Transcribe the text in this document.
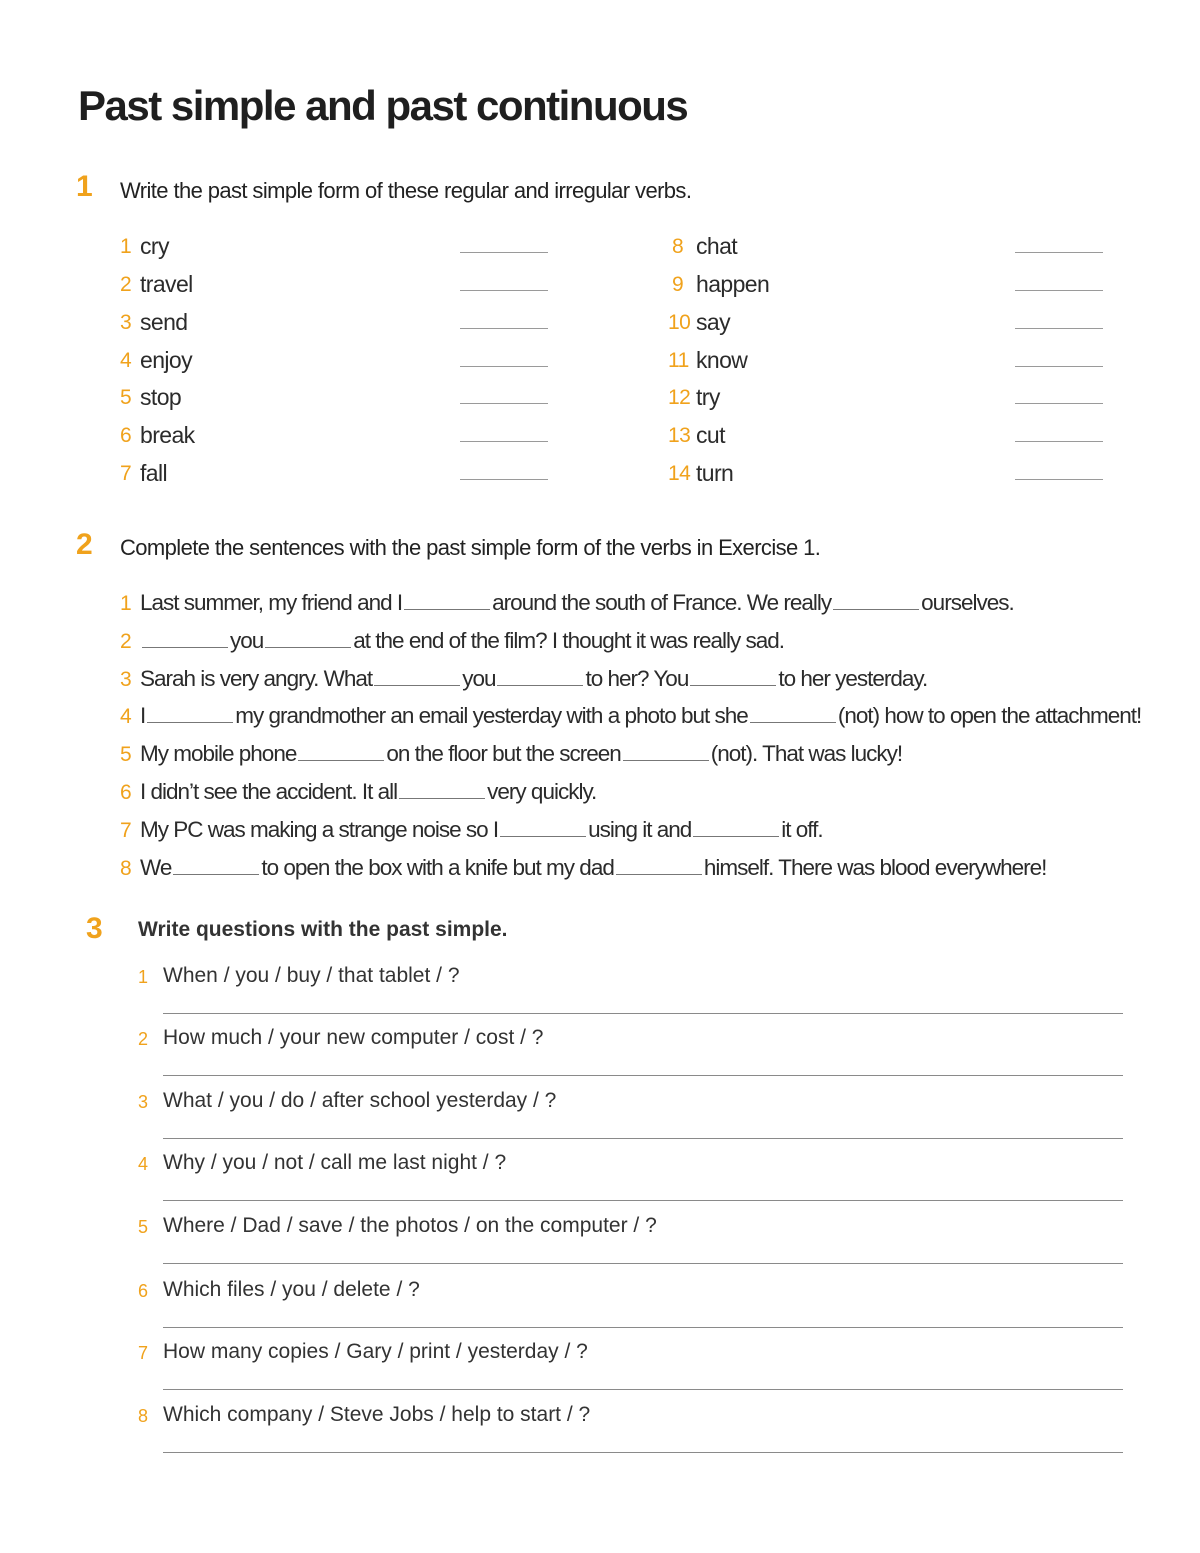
Past simple and past continuous
1 Write the past simple form of these regular and irregular verbs.
1 cry
2 travel
3 send
4 enjoy
5 stop
6 break
7 fall
8 chat
9 happen
10 say
11 know
12 try
13 cut
14 turn
2 Complete the sentences with the past simple form of the verbs in Exercise 1.
1 Last summer, my friend and I	around the south of France. We really	ourselves.
2	you	at the end of the film? I thought it was really sad.
3 Sarah is very angry. What	you	to her? You	to her yesterday.
4 I	my grandmother an email yesterday with a photo but she	(not) how to open the attachment!
5 My mobile phone	on the floor but the screen	(not). That was lucky!
6 I didn’t see the accident. It all	very quickly.
7 My PC was making a strange noise so I	using it and	it off.
8 We	to open the box with a knife but my dad	himself. There was blood everywhere!
3 Write questions with the past simple.
1 When / you / buy / that tablet / ?
2 How much / your new computer / cost / ?
3 What / you / do / after school yesterday / ?
4 Why / you / not / call me last night / ?
5 Where / Dad / save / the photos / on the computer / ?
6 Which files / you / delete / ?
7 How many copies / Gary / print / yesterday / ?
8 Which company / Steve Jobs / help to start / ?
